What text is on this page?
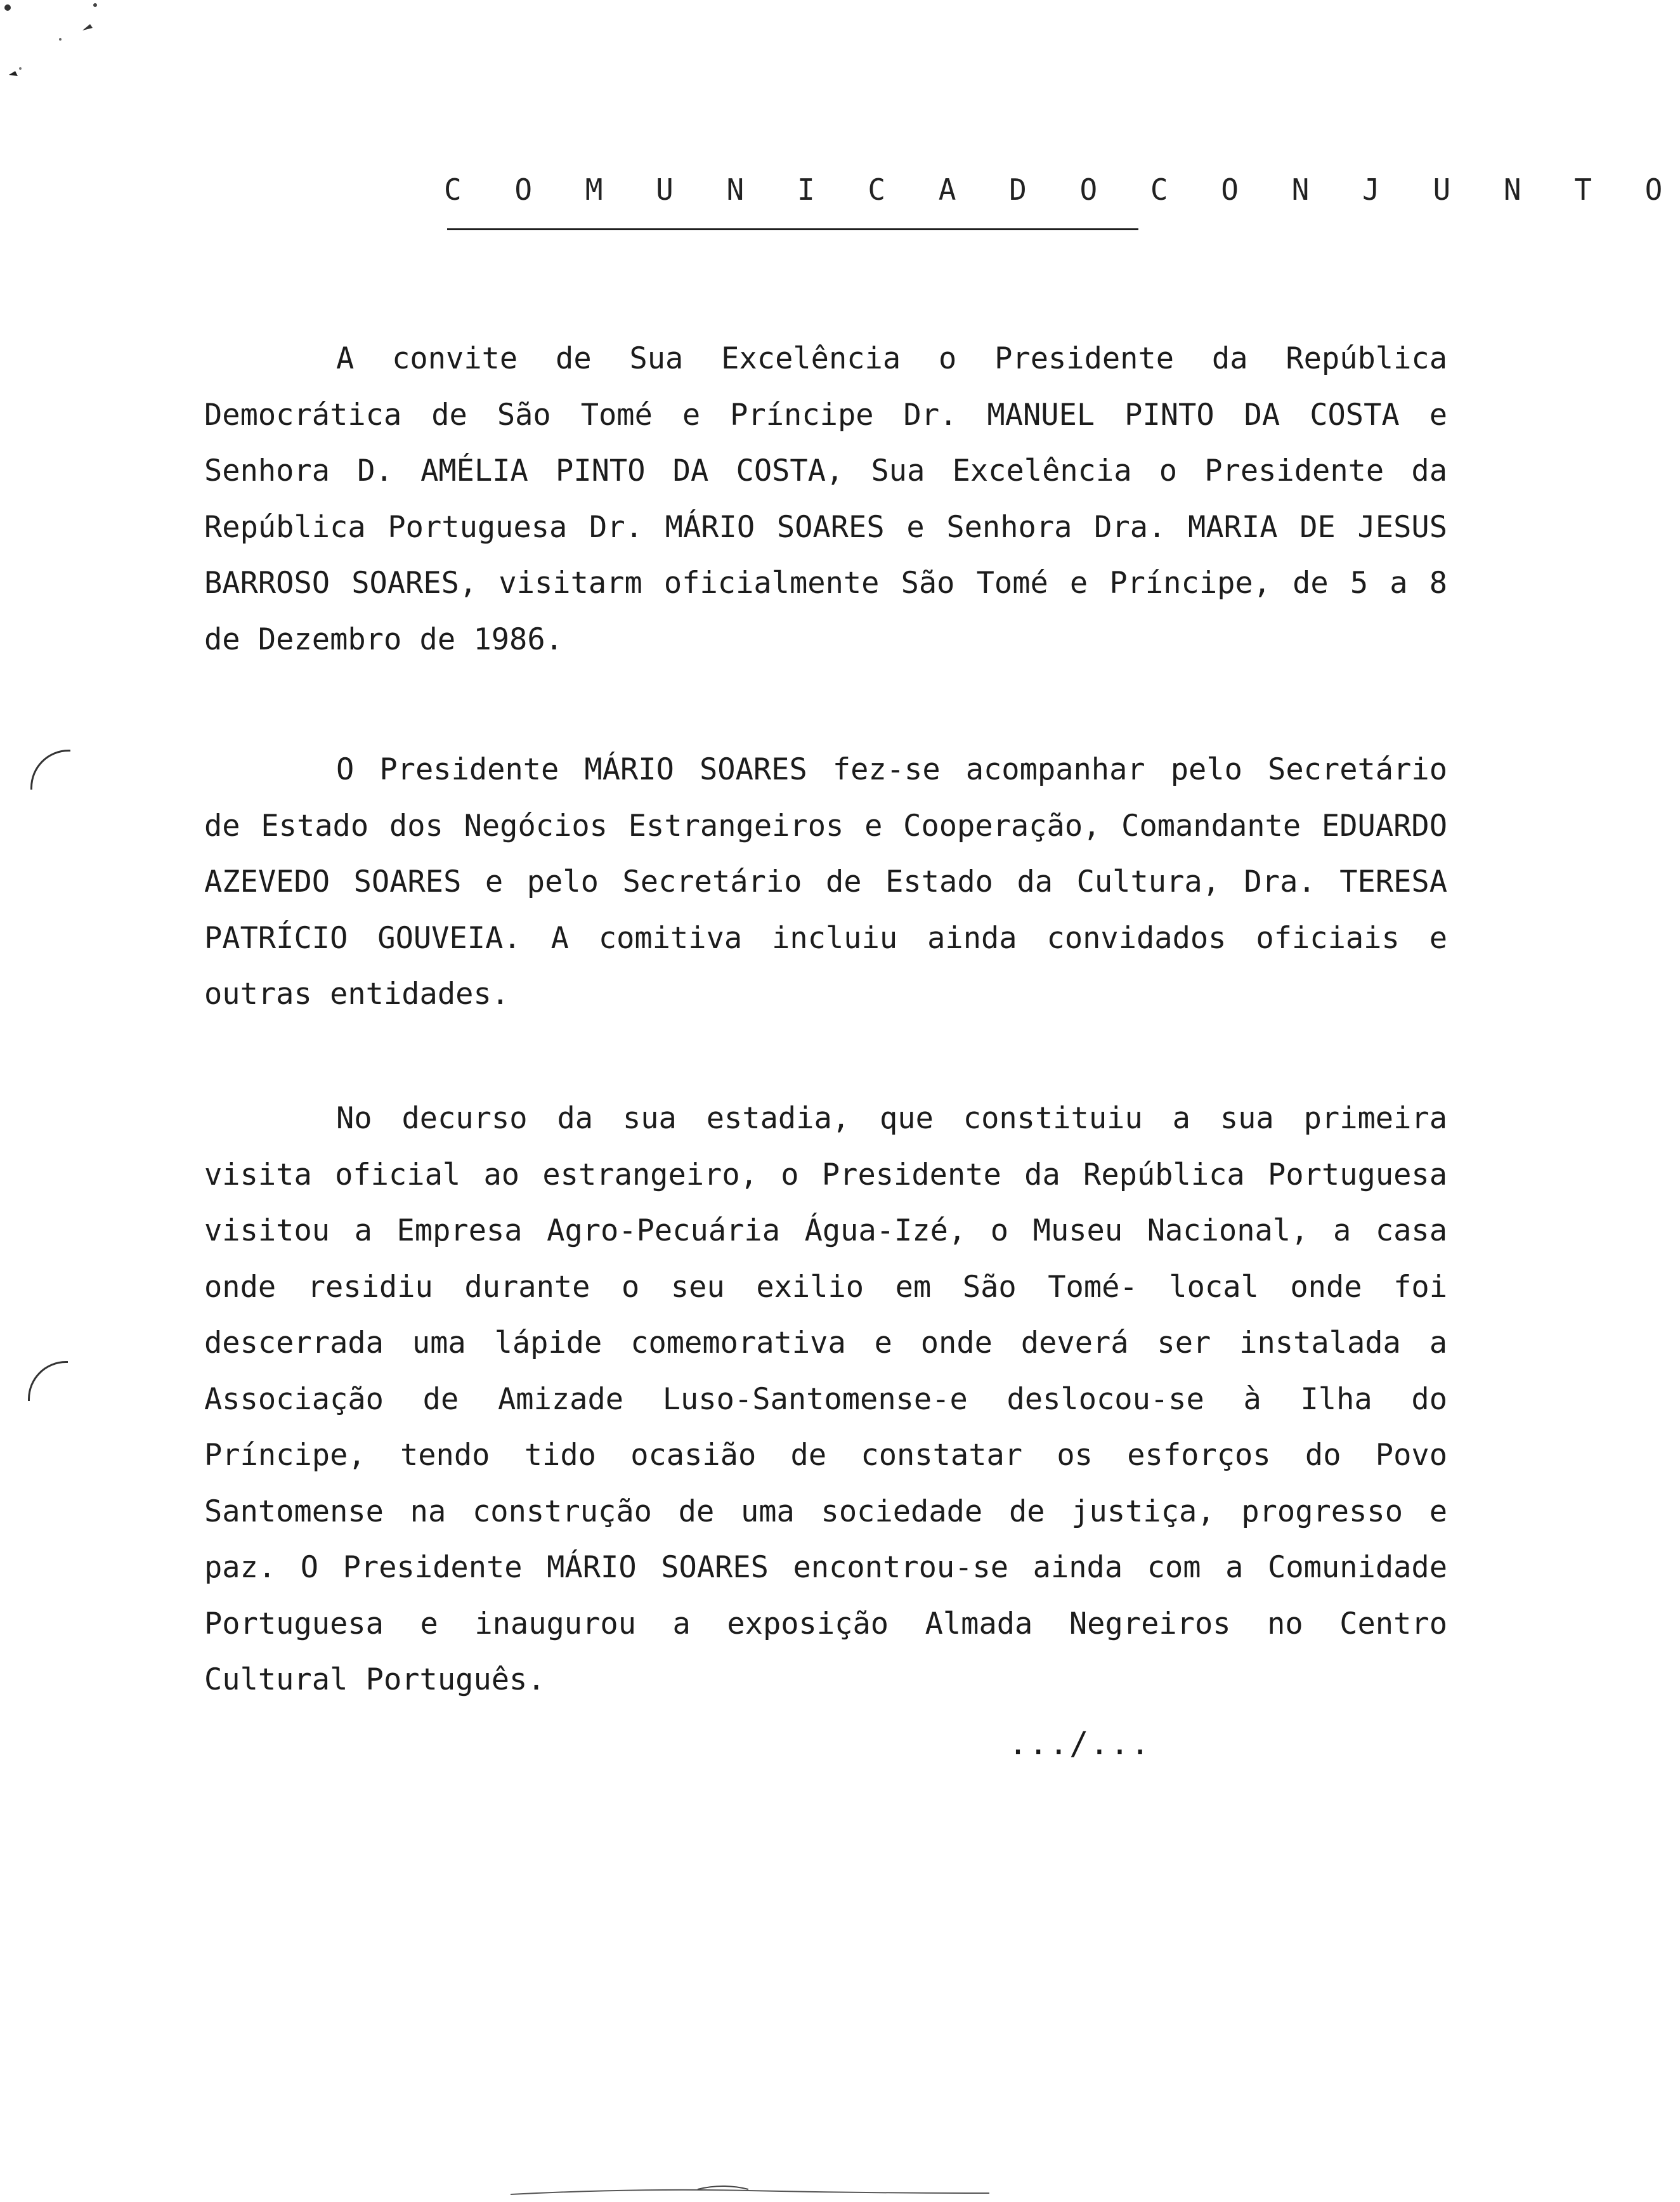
C O M U N I C A D O C O N J U N T O

A convite de Sua Excelência o Presidente da República Democrática de São Tomé e Príncipe Dr. MANUEL PINTO DA COSTA e Senhora D. AMÉLIA PINTO DA COSTA, Sua Excelência o Presidente da República Portuguesa Dr. MÁRIO SOARES e Senhora Dra. MARIA DE JESUS BARROSO SOARES, visitarm oficialmente São Tomé e Príncipe, de 5 a 8 de Dezembro de 1986.

O Presidente MÁRIO SOARES fez-se acompanhar pelo Secretário de Estado dos Negócios Estrangeiros e Cooperação, Comandante EDUARDO AZEVEDO SOARES e pelo Secretário de Estado da Cultura, Dra. TERESA PATRÍCIO GOUVEIA. A comitiva incluiu ainda convidados oficiais e outras entidades.

No decurso da sua estadia, que constituiu a sua primeira visita oficial ao estrangeiro, o Presidente da República Portuguesa visitou a Empresa Agro-Pecuária Água-Izé, o Museu Nacional, a casa onde residiu durante o seu exilio em São Tomé- local onde foi descerrada uma lápide comemorativa e onde deverá ser instalada a Associação de Amizade Luso-Santomense-e deslocou-se à Ilha do Príncipe, tendo tido ocasião de constatar os esforços do Povo Santomense na construção de uma sociedade de justiça, progresso e paz. O Presidente MÁRIO SOARES encontrou-se ainda com a Comunidade Portuguesa e inaugurou a exposição Almada Negreiros no Centro Cultural Português.

.../...
